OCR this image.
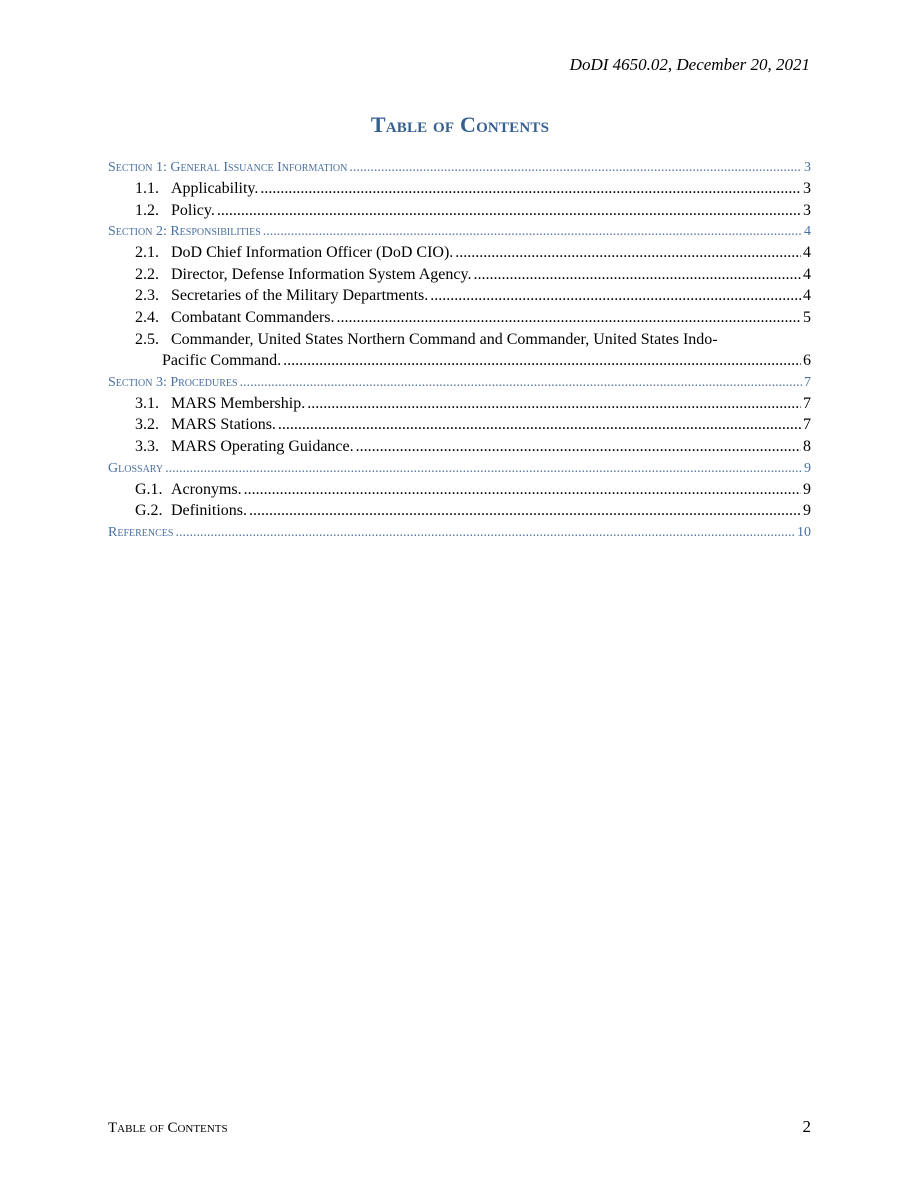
DoDI 4650.02, December 20, 2021
Table of Contents
Section 1: General Issuance Information .....	3
1.1. Applicability. .....	3
1.2. Policy. .....	3
Section 2: Responsibilities .....	4
2.1. DoD Chief Information Officer (DoD CIO). .....	4
2.2. Director, Defense Information System Agency. .....	4
2.3. Secretaries of the Military Departments. .....	4
2.4. Combatant Commanders. .....	5
2.5. Commander, United States Northern Command and Commander, United States Indo-
Pacific Command. .....	6
Section 3: Procedures .....	7
3.1. MARS Membership. .....	7
3.2. MARS Stations. .....	7
3.3. MARS Operating Guidance. .....	8
Glossary .....	9
G.1. Acronyms. .....	9
G.2. Definitions. .....	9
References .....	10
Table of Contents	2
